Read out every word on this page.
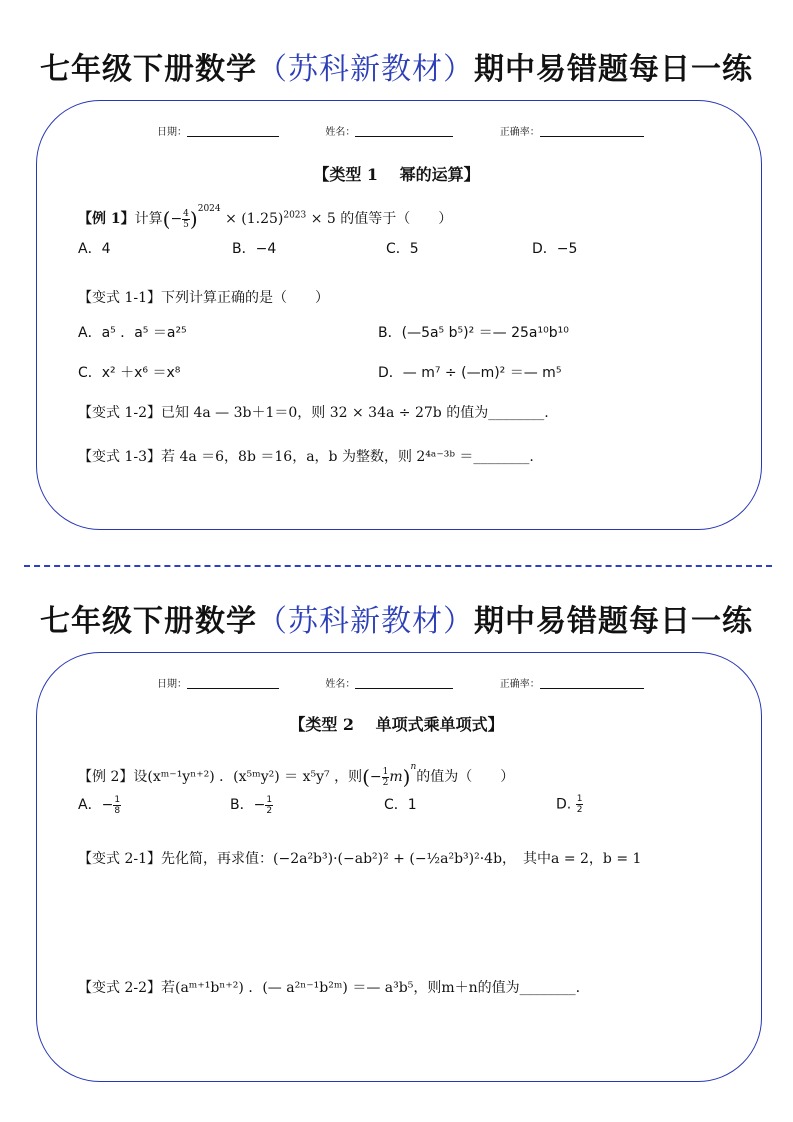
七年级下册数学（苏科新教材）期中易错题每日一练
日期：	姓名：	正确率：
【类型 1　 幂的运算】
【例 1】计算(− $\frac{4}{5} )^{2024} \times (1.25)^{2023} \times 5$ 的值等于（　　）
A．4	B．−4	C．5	D．−5
【变式 1-1】下列计算正确的是（　　）
A．a⁵ ．a⁵ ＝a²⁵	B．(—5a⁵ b⁵)² ＝— 25a¹⁰b¹⁰
C．x² ＋x⁶ ＝x⁸	D．— m⁷ ÷ (—m)² ＝— m⁵
【变式 1-2】已知 4a — 3b＋1＝0，则 32 × 34a ÷ 27b 的值为________.
【变式 1-3】若 4a ＝6，8b ＝16，a，b 为整数，则 2⁴ᵃ⁻³ᵇ ＝________.
七年级下册数学（苏科新教材）期中易错题每日一练
日期：	姓名：	正确率：
【类型 2　 单项式乘单项式】
【例 2】设(xᵐ⁻¹yⁿ⁺²) ．(x⁵ᵐy²) ＝ x⁵y⁷ ，则(− $\frac{1}{2} m)^n$的值为（　　）
A．− $\frac{1}{8}$	B．− $\frac{1}{2}$	C．1	D. $\frac{1}{2}$
【变式 2-1】先化简，再求值：(−2a²b³)·(−ab²)² + (−½a²b³)²·4b，　其中a = 2，b = 1
【变式 2-2】若(aᵐ⁺¹bⁿ⁺²) ．(— a²ⁿ⁻¹b²ᵐ) ＝— a³b⁵，则m＋n的值为________.
